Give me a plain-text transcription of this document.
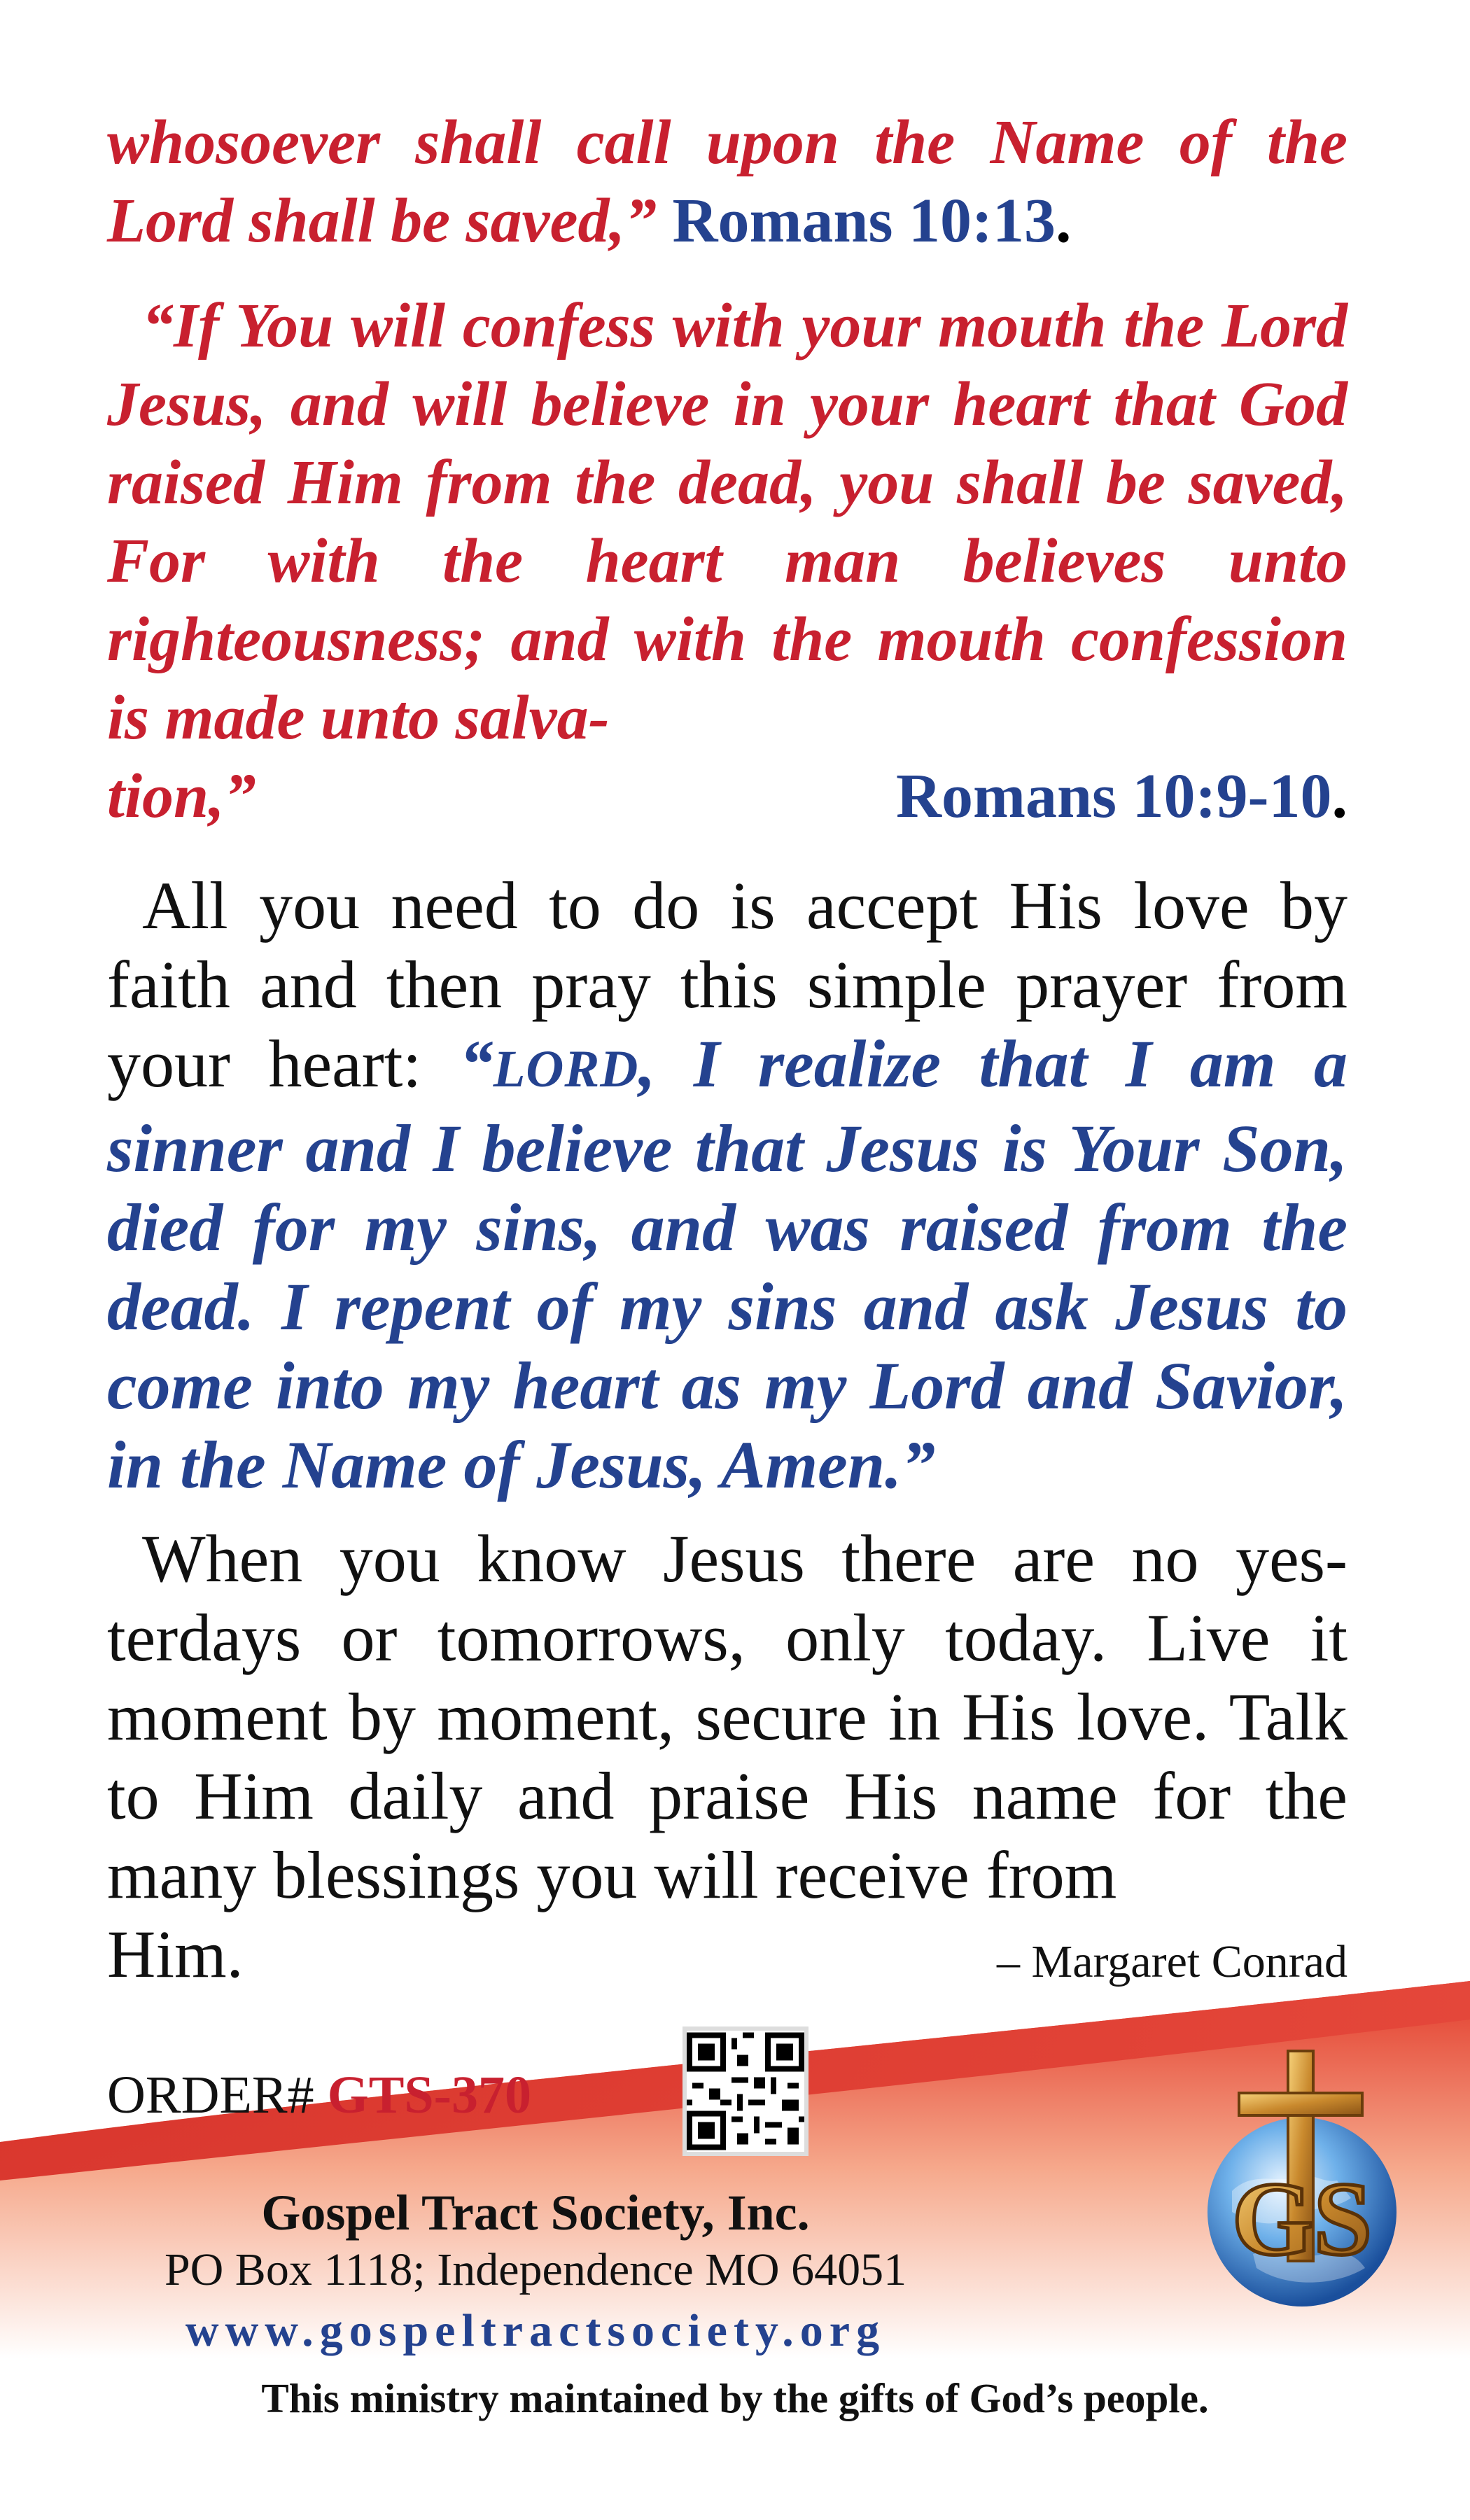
whosoever shall call upon the Name of the Lord shall be saved,” Romans 10:13.
“If You will confess with your mouth the Lord Jesus, and will believe in your heart that God raised Him from the dead, you shall be saved, For with the heart man believes unto righteousness; and with the mouth confession is made unto salva-
tion,”	Romans 10:9-10.
All you need to do is accept His love by faith and then pray this simple prayer from your heart: “LORD, I realize that I am a sinner and I believe that Jesus is Your Son, died for my sins, and was raised from the dead. I repent of my sins and ask Jesus to come into my heart as my Lord and Savior, in the Name of Jesus, Amen.”
When you know Jesus there are no yesterdays or tomorrows, only today. Live it moment by moment, secure in His love. Talk to Him daily and praise His name for the many blessings you will receive from
Him.	– Margaret Conrad
ORDER# GTS-370
Gospel Tract Society, Inc.
PO Box 1118; Independence MO 64051
www.gospeltractsociety.org
This ministry maintained by the gifts of God’s people.
GS
